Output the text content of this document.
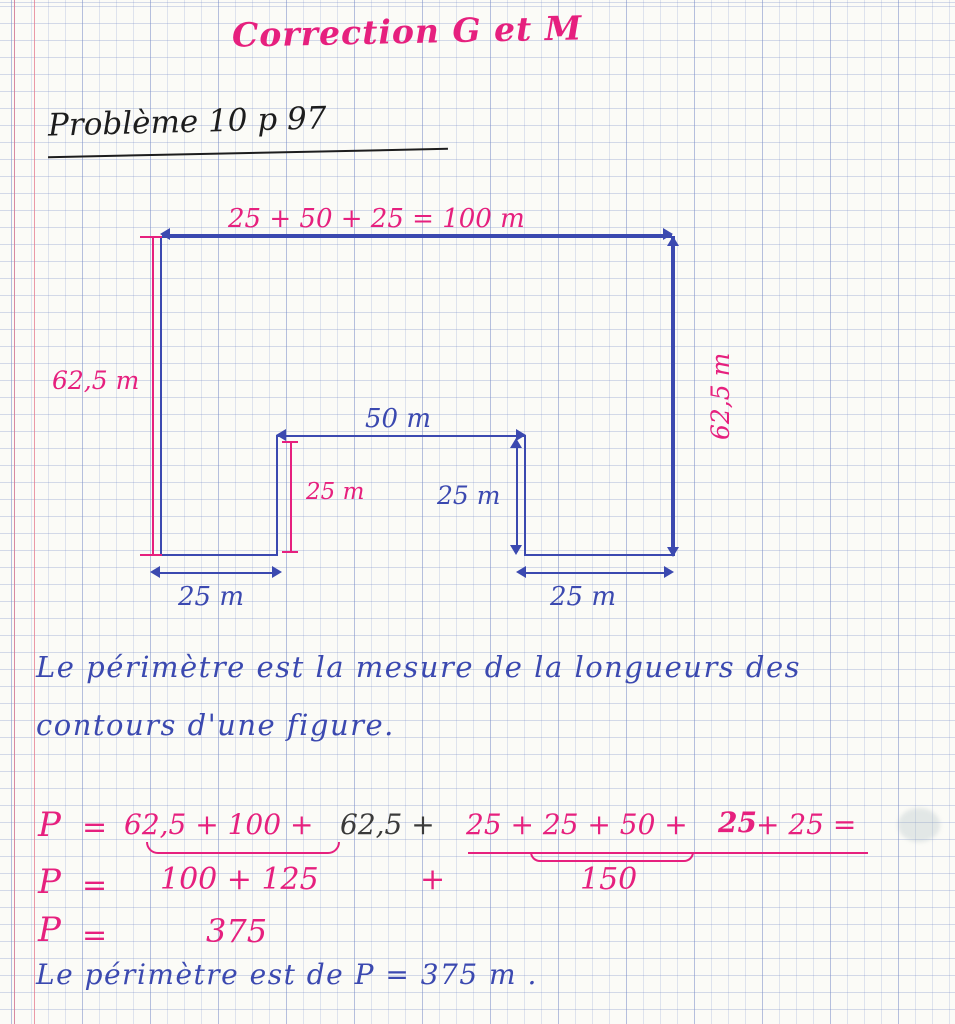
Correction G et M
Problème 10 p 97
25 + 50 + 25 = 100 m
62,5 m	62,5 m
50 m
25 m	25 m
25 m	25 m
Le périmètre est la mesure de la longueurs des
contours d'une figure.
P = 62,5 + 100 + 62,5 + 25 + 25 + 50 + 25 + 25 =
P = 100 + 125	+	150
P =	375
Le périmètre est de P = 375 m .
